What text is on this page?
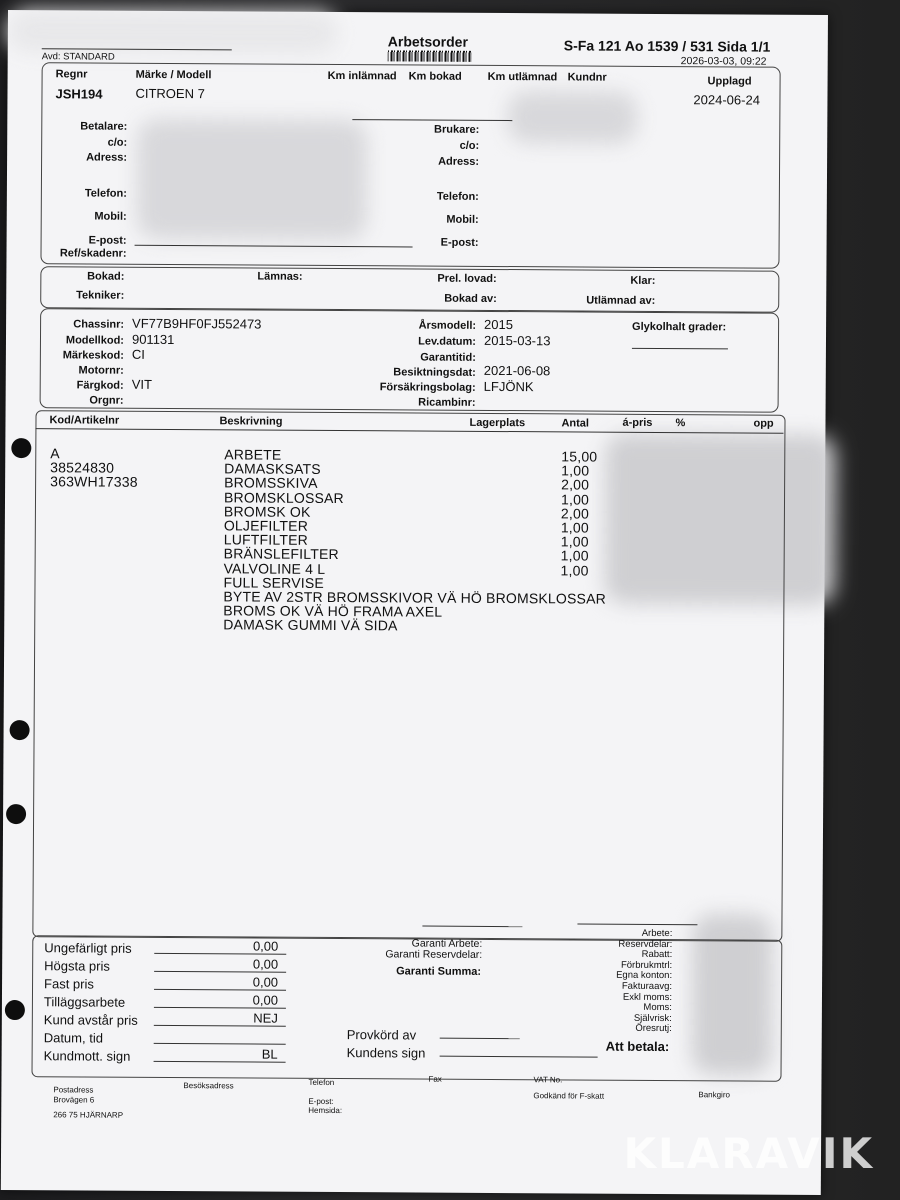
Avd: STANDARD
Arbetsorder	S-Fa 121 Ao 1539 / 531 Sida 1/1
2026-03-03, 09:22
Regnr	Märke / Modell	Km inlämnad Km bokad Km utlämnad Kundnr	Upplagd
JSH194	CITROEN 7	2024-06-24
Betalare:
c/o:
Adress:
Telefon:
Mobil:
E-post:
Ref/skadenr:
Brukare:
c/o:
Adress:
Telefon:
Mobil:
E-post:
Bokad:	Lämnas:	Prel. lovad:	Klar:
Tekniker:	Bokad av:	Utlämnad av:
Chassinr: VF77B9HF0FJ552473
Modellkod: 901131
Märkeskod: CI
Motornr:
Färgkod: VIT
Orgnr:
Årsmodell: 2015
Lev.datum: 2015-03-13
Garantitid:
Besiktningsdat: 2021-06-08
Försäkringsbolag: LFJÖNK
Ricambinr:
Glykolhalt grader:
Kod/Artikelnr	Beskrivning	Lagerplats	Antal	á-pris %	opp
A	ARBETE	15,00
38524830	DAMASKSATS	1,00
363WH17338	BROMSSKIVA	2,00
BROMSKLOSSAR	1,00
BROMSK OK	2,00
OLJEFILTER	1,00
LUFTFILTER	1,00
BRÄNSLEFILTER	1,00
VALVOLINE 4 L	1,00
FULL SERVISE
BYTE AV 2STR BROMSSKIVOR VÄ HÖ BROMSKLOSSAR
BROMS OK VÄ HÖ FRAMA AXEL
DAMASK GUMMI VÄ SIDA
Ungefärligt pris	0,00
Högsta pris	0,00
Fast pris	0,00
Tilläggsarbete	0,00
Kund avstår pris	NEJ
Datum, tid
Kundmott. sign	BL
Garanti Arbete:
Garanti Reservdelar:
Garanti Summa:
Provkörd av
Kundens sign
Arbete:
Reservdelar:
Rabatt:
Förbrukmtrl:
Egna konton:
Fakturaavg:
Exkl moms:
Moms:
Självrisk:
Öresrutj:
Att betala:
Postadress
Brovägen 6
266 75 HJÄRNARP
Besöksadress	Telefon
E-post:
Hemsida:
Fax	VAT No.
Godkänd för F-skatt	Bankgiro
KLARAVIK
